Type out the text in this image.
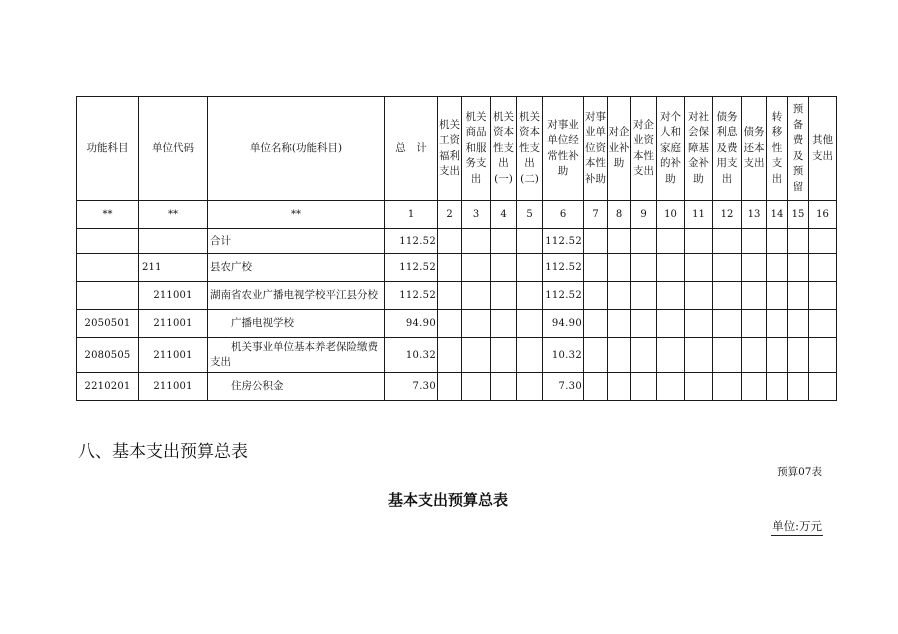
功能科目	单位代码	单位名称(功能科目)	总　计	机关工资福利支出	机关商品和服务支出	机关资本性支出(一)	机关资本性支出(二)	对事业单位经常性补助	对事业单位资本性补助	对企业补助	对企业资本性支出	对个人和家庭的补助	对社会保障基金补助	债务利息及费用支出	债务还本支出	转移性支出	预备费及预留	其他支出
**	**	**	1	2	3	4	5	6	7	8	9	10	11	12	13	14	15	16
		合计	112.52					112.52										
	211	县农广校	112.52					112.52										
	211001	湖南省农业广播电视学校平江县分校	112.52					112.52										
2050501	211001	广播电视学校	94.90					94.90										
2080505	211001	机关事业单位基本养老保险缴费支出	10.32					10.32										
2210201	211001	住房公积金	7.30					7.30										
八、基本支出预算总表
预算07表
基本支出预算总表
单位:万元
